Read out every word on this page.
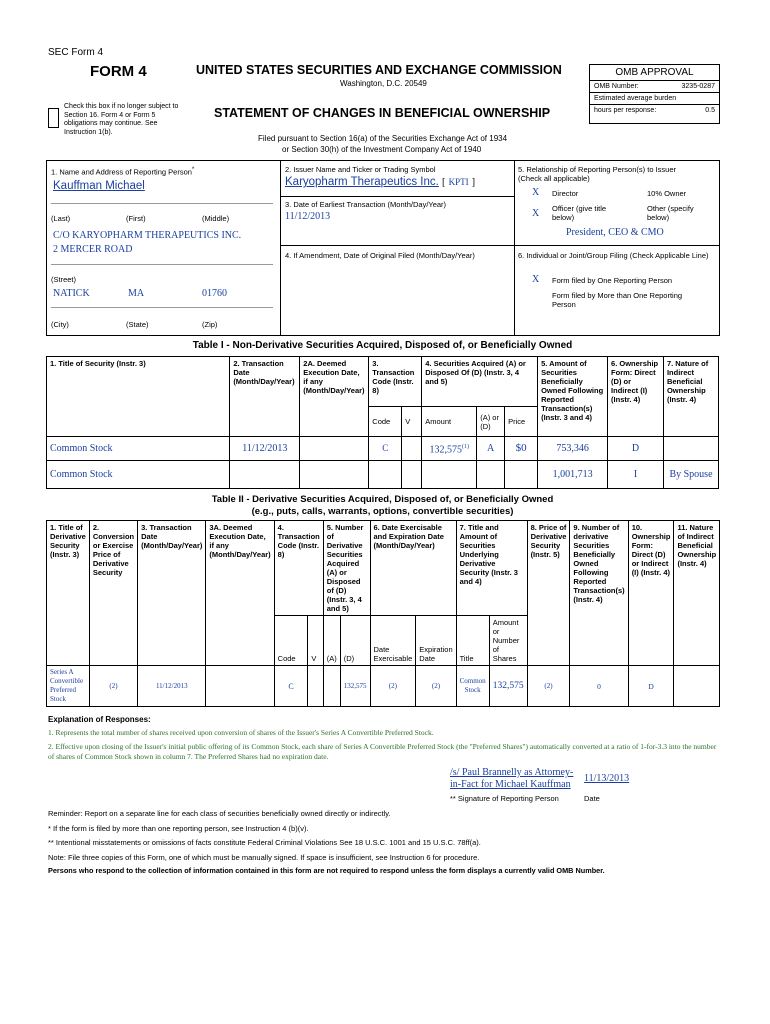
SEC Form 4
FORM 4	UNITED STATES SECURITIES AND EXCHANGE COMMISSION
Washington, D.C. 20549
Check this box if no longer subject to Section 16. Form 4 or Form 5 obligations may continue. See Instruction 1(b).
STATEMENT OF CHANGES IN BENEFICIAL OWNERSHIP
Filed pursuant to Section 16(a) of the Securities Exchange Act of 1934
or Section 30(h) of the Investment Company Act of 1940
OMB APPROVAL
OMB Number:	3235-0287
Estimated average burden
hours per response:	0.5
1. Name and Address of Reporting Person*
Kauffman Michael
(Last)	(First)	(Middle)
C/O KARYOPHARM THERAPEUTICS INC.
2 MERCER ROAD
(Street)
NATICK	MA	01760
(City)	(State)	(Zip)
2. Issuer Name and Ticker or Trading Symbol
Karyopharm Therapeutics Inc. [ KPTI ]
3. Date of Earliest Transaction (Month/Day/Year)
11/12/2013
4. If Amendment, Date of Original Filed (Month/Day/Year)
5. Relationship of Reporting Person(s) to Issuer
(Check all applicable)
X Director	10% Owner
X Officer (give title below)
Other (specify below)
President, CEO & CMO
6. Individual or Joint/Group Filing (Check Applicable Line)
X Form filed by One Reporting Person
Form filed by More than One Reporting Person
Table I - Non-Derivative Securities Acquired, Disposed of, or Beneficially Owned
1. Title of Security (Instr. 3)	2. Transaction Date (Month/Day/Year)	2A. Deemed Execution Date, if any (Month/Day/Year)	3. Transaction Code (Instr. 8)		4. Securities Acquired (A) or Disposed Of (D) (Instr. 3, 4 and 5)			5. Amount of Securities Beneficially Owned Following Reported Transaction(s) (Instr. 3 and 4)	6. Ownership Form: Direct (D) or Indirect (I) (Instr. 4)	7. Nature of Indirect Beneficial Ownership (Instr. 4)
			Code	V	Amount	(A) or (D)	Price			
Common Stock	11/12/2013		C		132,575$^{(1)}$	A	$0	753,346	D	
Common Stock								1,001,713	I	By Spouse
Table II - Derivative Securities Acquired, Disposed of, or Beneficially Owned
(e.g., puts, calls, warrants, options, convertible securities)
1. Title of Derivative Security (Instr. 3)	2. Conversion or Exercise Price of Derivative Security	3. Transaction Date (Month/Day/Year)	3A. Deemed Execution Date, if any (Month/Day/Year)	4. Transaction Code (Instr. 8)		5. Number of Derivative Securities Acquired (A) or Disposed of (D) (Instr. 3, 4 and 5)		6. Date Exercisable and Expiration Date (Month/Day/Year)		7. Title and Amount of Securities Underlying Derivative Security (Instr. 3 and 4)		8. Price of Derivative Security (Instr. 5)	9. Number of derivative Securities Beneficially Owned Following Reported Transaction(s) (Instr. 4)	10. Ownership Form: Direct (D) or Indirect (I) (Instr. 4)	11. Nature of Indirect Beneficial Ownership (Instr. 4)
				Code	V	(A)	(D)	Date Exercisable	Expiration Date	Title	Amount or Number of Shares				
Series A Convertible Preferred Stock	(2)	11/12/2013		C			132,575	(2)	(2)	Common Stock	132,575	(2)	0	D	
Explanation of Responses:
1. Represents the total number of shares received upon conversion of shares of the Issuer's Series A Convertible Preferred Stock.
2. Effective upon closing of the Issuer's initial public offering of its Common Stock, each share of Series A Convertible Preferred Stock (the "Preferred Shares") automatically converted at a ratio of 1-for-3.3 into the number of shares of Common Stock shown in column 7. The Preferred Shares had no expiration date.
/s/ Paul Brannelly as Attorney-
in-Fact for Michael Kauffman
11/13/2013
** Signature of Reporting Person	Date
Reminder: Report on a separate line for each class of securities beneficially owned directly or indirectly.
* If the form is filed by more than one reporting person, see Instruction 4 (b)(v).
** Intentional misstatements or omissions of facts constitute Federal Criminal Violations See 18 U.S.C. 1001 and 15 U.S.C. 78ff(a).
Note: File three copies of this Form, one of which must be manually signed. If space is insufficient, see Instruction 6 for procedure.
Persons who respond to the collection of information contained in this form are not required to respond unless the form displays a currently valid OMB Number.
